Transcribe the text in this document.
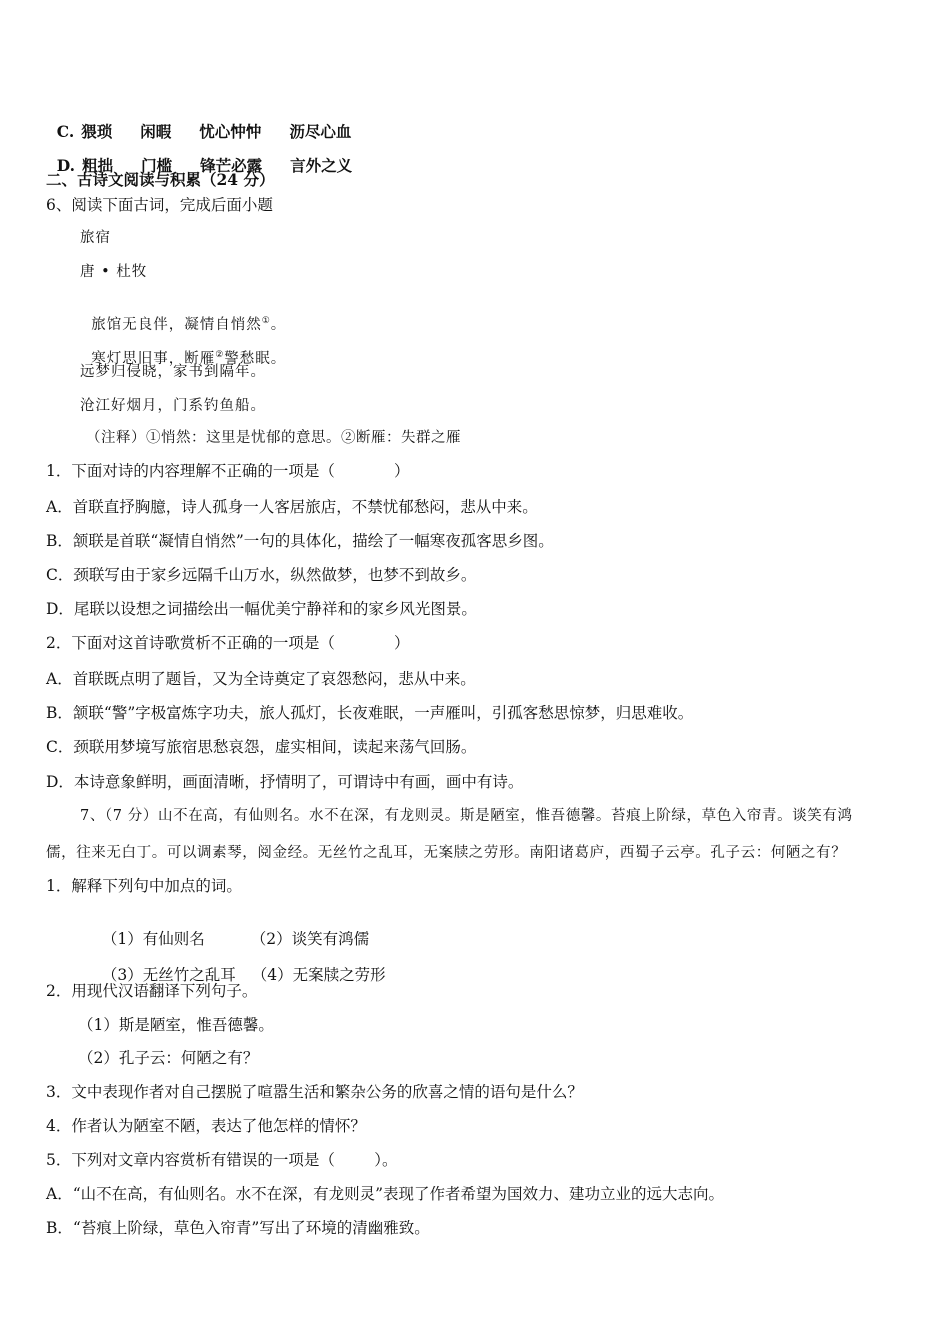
C. 猥琐 闲暇 忧心忡忡 沥尽心血

D. 粗拙 门槛 锋芒必露 言外之义

二、古诗文阅读与积累（24 分）
6、阅读下面古词，完成后面小题
旅宿
唐 • 杜牧

旅馆无良伴，凝情自悄然①。

寒灯思旧事，断雁②警愁眠。

远梦归侵晓，家书到隔年。
沧江好烟月，门系钓鱼船。
（注释）①悄然：这里是忧郁的意思。②断雁：失群之雁
1．下面对诗的内容理解不正确的一项是（            ）
A．首联直抒胸臆，诗人孤身一人客居旅店，不禁忧郁愁闷，悲从中来。
B．颔联是首联“凝情自悄然”一句的具体化，描绘了一幅寒夜孤客思乡图。
C．颈联写由于家乡远隔千山万水，纵然做梦，也梦不到故乡。
D．尾联以设想之词描绘出一幅优美宁静祥和的家乡风光图景。
2．下面对这首诗歌赏析不正确的一项是（            ）
A．首联既点明了题旨，又为全诗奠定了哀怨愁闷，悲从中来。
B．颔联“警”字极富炼字功夫，旅人孤灯，长夜难眠，一声雁叫，引孤客愁思惊梦，归思难收。
C．颈联用梦境写旅宿思愁哀怨，虚实相间，读起来荡气回肠。
D．本诗意象鲜明，画面清晰，抒情明了，可谓诗中有画，画中有诗。
7、（7 分）山不在高，有仙则名。水不在深，有龙则灵。斯是陋室，惟吾德馨。苔痕上阶绿，草色入帘青。谈笑有鸿
儒，往来无白丁。可以调素琴，阅金经。无丝竹之乱耳，无案牍之劳形。南阳诸葛庐，西蜀子云亭。孔子云：何陋之有？
1．解释下列句中加点的词。

（1）有仙则名	（2）谈笑有鸿儒

（3）无丝竹之乱耳 （4）无案牍之劳形

2．用现代汉语翻译下列句子。
（1）斯是陋室，惟吾德馨。
（2）孔子云：何陋之有？
3．文中表现作者对自己摆脱了喧嚣生活和繁杂公务的欣喜之情的语句是什么？
4．作者认为陋室不陋，表达了他怎样的情怀？
5．下列对文章内容赏析有错误的一项是（        ）。
A．“山不在高，有仙则名。水不在深，有龙则灵”表现了作者希望为国效力、建功立业的远大志向。
B．“苔痕上阶绿，草色入帘青”写出了环境的清幽雅致。
